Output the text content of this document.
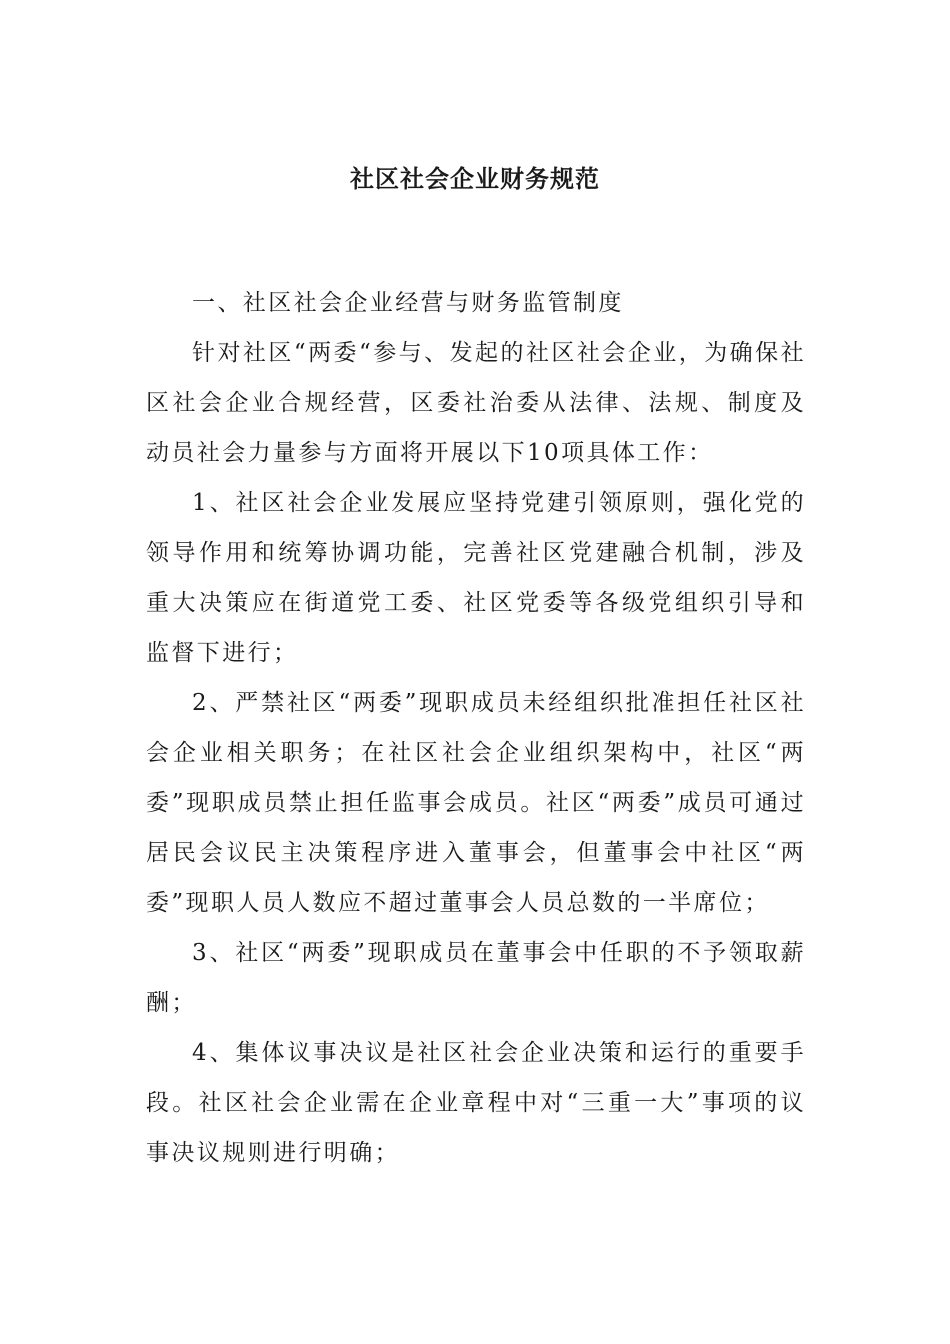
社区社会企业财务规范

一、社区社会企业经营与财务监管制度

针对社区“两委“参与、发起的社区社会企业，为确保社区社会企业合规经营，区委社治委从法律、法规、制度及动员社会力量参与方面将开展以下10项具体工作：

1、社区社会企业发展应坚持党建引领原则，强化党的领导作用和统筹协调功能，完善社区党建融合机制，涉及重大决策应在街道党工委、社区党委等各级党组织引导和监督下进行；

2、严禁社区“两委”现职成员未经组织批准担任社区社会企业相关职务；在社区社会企业组织架构中，社区“两委”现职成员禁止担任监事会成员。社区“两委”成员可通过居民会议民主决策程序进入董事会，但董事会中社区“两委”现职人员人数应不超过董事会人员总数的一半席位；

3、社区“两委”现职成员在董事会中任职的不予领取薪酬；

4、集体议事决议是社区社会企业决策和运行的重要手段。社区社会企业需在企业章程中对“三重一大”事项的议事决议规则进行明确；
